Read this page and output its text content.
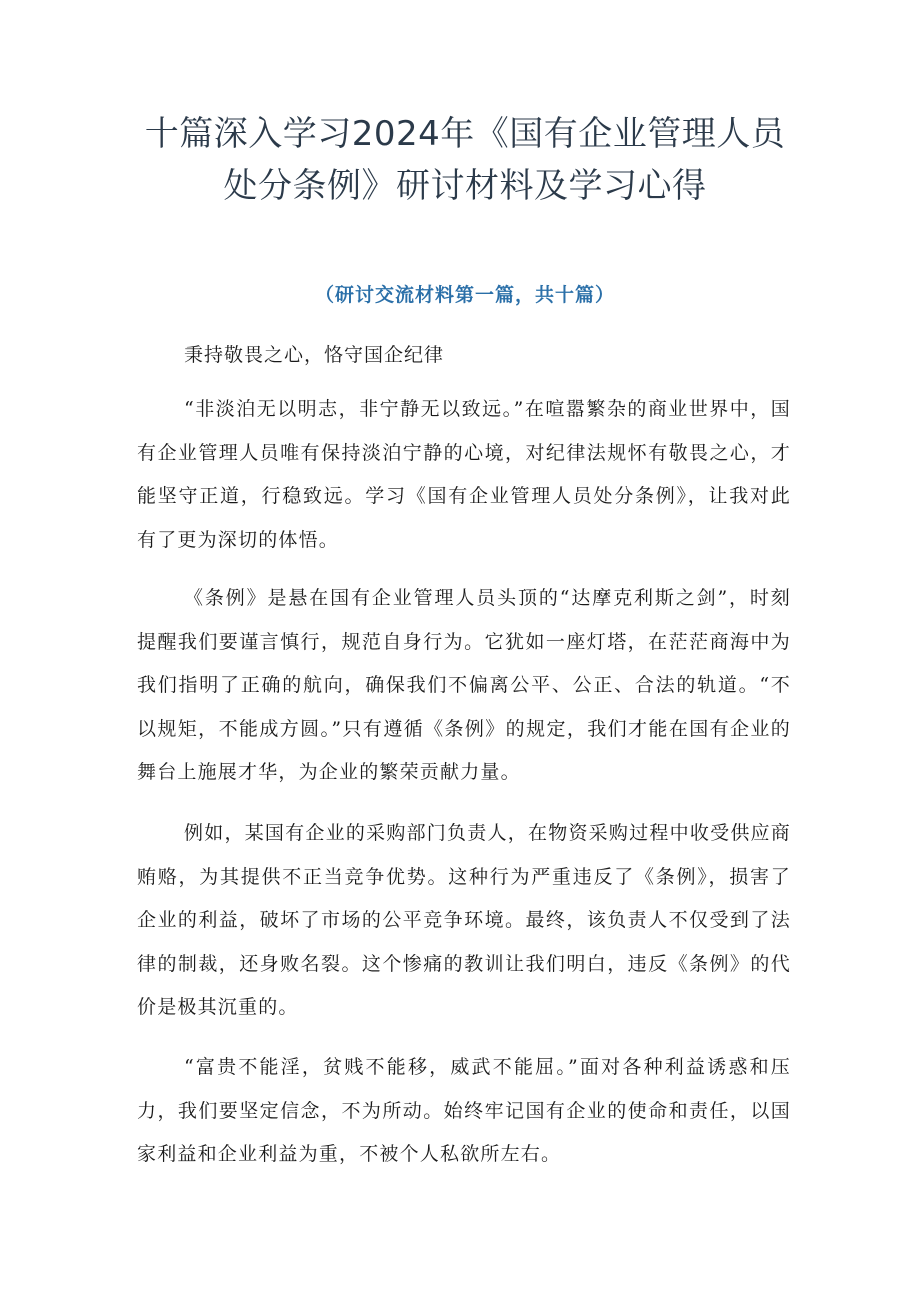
十篇深入学习2024年《国有企业管理人员
处分条例》研讨材料及学习心得
（研讨交流材料第一篇，共十篇）
秉持敬畏之心，恪守国企纪律

“非淡泊无以明志，非宁静无以致远。”在喧嚣繁杂的商业世界中，国有企业管理人员唯有保持淡泊宁静的心境，对纪律法规怀有敬畏之心，才能坚守正道，行稳致远。学习《国有企业管理人员处分条例》，让我对此有了更为深切的体悟。

《条例》是悬在国有企业管理人员头顶的“达摩克利斯之剑”，时刻提醒我们要谨言慎行，规范自身行为。它犹如一座灯塔，在茫茫商海中为我们指明了正确的航向，确保我们不偏离公平、公正、合法的轨道。“不以规矩，不能成方圆。”只有遵循《条例》的规定，我们才能在国有企业的舞台上施展才华，为企业的繁荣贡献力量。

例如，某国有企业的采购部门负责人，在物资采购过程中收受供应商贿赂，为其提供不正当竞争优势。这种行为严重违反了《条例》，损害了企业的利益，破坏了市场的公平竞争环境。最终，该负责人不仅受到了法律的制裁，还身败名裂。这个惨痛的教训让我们明白，违反《条例》的代价是极其沉重的。

“富贵不能淫，贫贱不能移，威武不能屈。”面对各种利益诱惑和压力，我们要坚定信念，不为所动。始终牢记国有企业的使命和责任，以国家利益和企业利益为重，不被个人私欲所左右。
